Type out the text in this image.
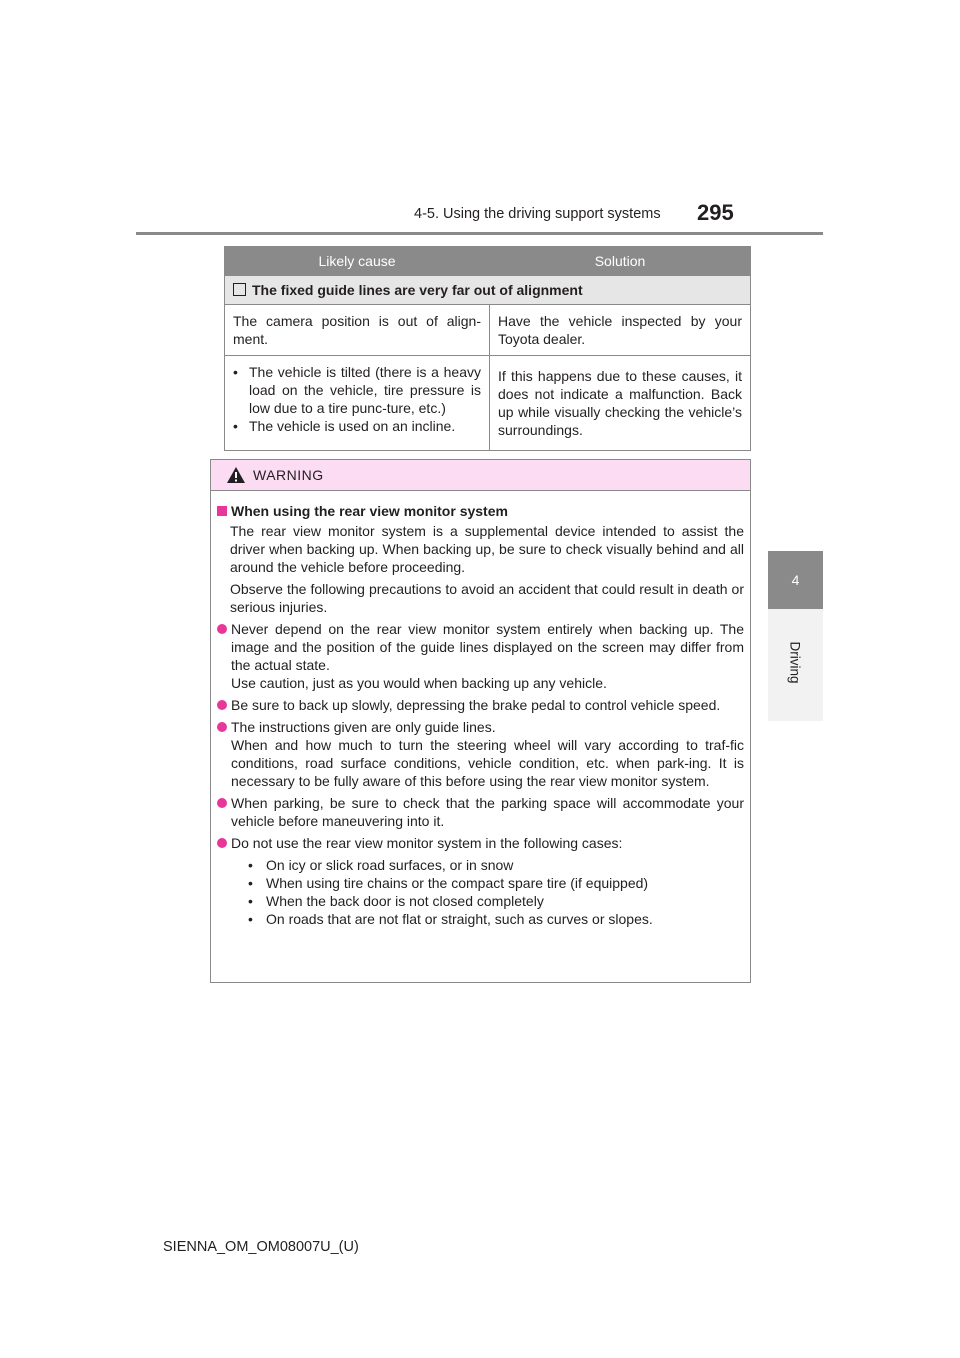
4-5. Using the driving support systems 295
4
Driving
Likely cause	Solution
The fixed guide lines are very far out of alignment	

The camera position is out of align-ment.	Have the vehicle inspected by your Toyota dealer.

• The vehicle is tilted (there is a heavy load on the vehicle, tire pressure is low due to a tire punc-ture, etc.)
• The vehicle is used on an incline.	If this happens due to these causes, it does not indicate a malfunction. Back up while visually checking the vehicle’s surroundings.
WARNING
When using the rear view monitor system
The rear view monitor system is a supplemental device intended to assist the driver when backing up. When backing up, be sure to check visually behind and all around the vehicle before proceeding.
Observe the following precautions to avoid an accident that could result in death or serious injuries.
Never depend on the rear view monitor system entirely when backing up. The image and the position of the guide lines displayed on the screen may differ from the actual state.
Use caution, just as you would when backing up any vehicle.
Be sure to back up slowly, depressing the brake pedal to control vehicle speed.
The instructions given are only guide lines.
When and how much to turn the steering wheel will vary according to traf-fic conditions, road surface conditions, vehicle condition, etc. when park-ing. It is necessary to be fully aware of this before using the rear view monitor system.
When parking, be sure to check that the parking space will accommodate your vehicle before maneuvering into it.
Do not use the rear view monitor system in the following cases:
• On icy or slick road surfaces, or in snow
• When using tire chains or the compact spare tire (if equipped)
• When the back door is not closed completely
• On roads that are not flat or straight, such as curves or slopes.
SIENNA_OM_OM08007U_(U)
